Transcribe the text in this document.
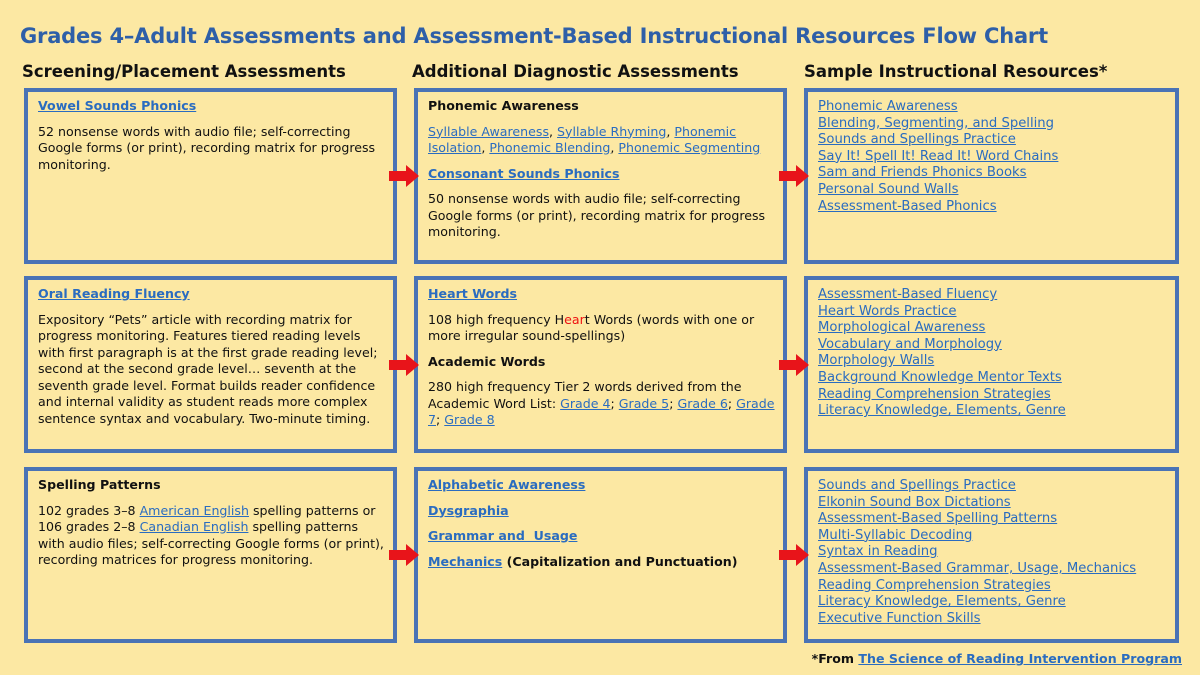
Grades 4–Adult Assessments and Assessment-Based Instructional Resources Flow Chart
Screening/Placement Assessments	Additional Diagnostic Assessments	Sample Instructional Resources*
Vowel Sounds Phonics
52 nonsense words with audio file; self-correcting Google forms (or print), recording matrix for progress monitoring.
Phonemic Awareness
Syllable Awareness, Syllable Rhyming, Phonemic Isolation, Phonemic Blending, Phonemic Segmenting
Consonant Sounds Phonics
50 nonsense words with audio file; self-correcting Google forms (or print), recording matrix for progress monitoring.
Phonemic Awareness
Blending, Segmenting, and Spelling
Sounds and Spellings Practice
Say It! Spell It! Read It! Word Chains
Sam and Friends Phonics Books
Personal Sound Walls
Assessment-Based Phonics
Oral Reading Fluency
Expository “Pets” article with recording matrix for progress monitoring. Features tiered reading levels with first paragraph is at the first grade reading level; second at the second grade level… seventh at the seventh grade level. Format builds reader confidence and internal validity as student reads more complex sentence syntax and vocabulary. Two-minute timing.
Heart Words
108 high frequency Heart Words (words with one or more irregular sound-spellings)
Academic Words
280 high frequency Tier 2 words derived from the Academic Word List: Grade 4; Grade 5; Grade 6; Grade 7; Grade 8
Assessment-Based Fluency
Heart Words Practice
Morphological Awareness
Vocabulary and Morphology
Morphology Walls
Background Knowledge Mentor Texts
Reading Comprehension Strategies
Literacy Knowledge, Elements, Genre
Spelling Patterns
102 grades 3–8 American English spelling patterns or 106 grades 2–8 Canadian English spelling patterns with audio files; self-correcting Google forms (or print), recording matrices for progress monitoring.
Alphabetic Awareness
Dysgraphia
Grammar and  Usage
Mechanics (Capitalization and Punctuation)
Sounds and Spellings Practice
Elkonin Sound Box Dictations
Assessment-Based Spelling Patterns
Multi-Syllabic Decoding
Syntax in Reading
Assessment-Based Grammar, Usage, Mechanics
Reading Comprehension Strategies
Literacy Knowledge, Elements, Genre
Executive Function Skills
*From The Science of Reading Intervention Program
